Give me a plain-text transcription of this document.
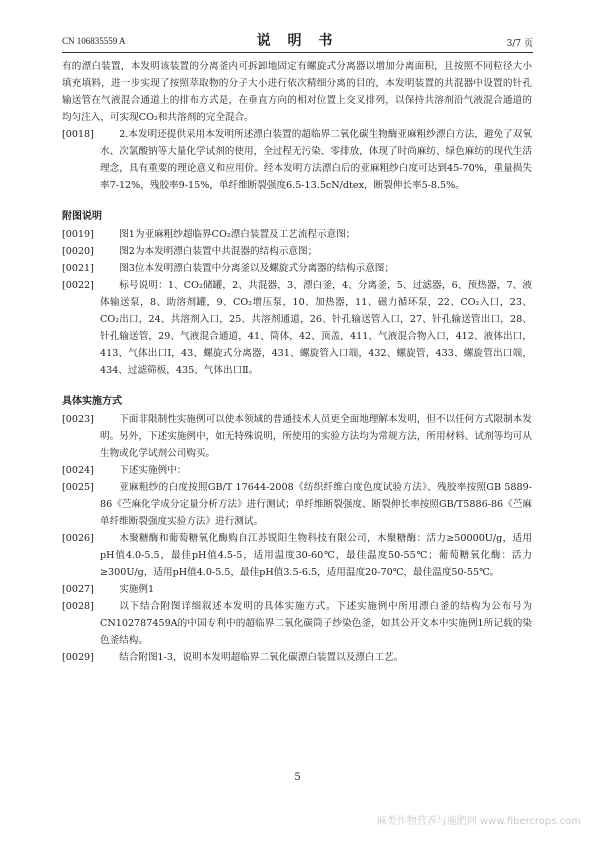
CN 106835559 A	说 明 书	3/7 页

有的漂白装置，本发明该装置的分离釜内可拆卸地固定有螺旋式分离器以增加分离面积，且按照不同粒径大小填充填料，进一步实现了按照萃取物的分子大小进行依次精细分离的目的，本发明装置的共混器中设置的针孔输送管在气液混合通道上的排布方式是，在垂直方向的相对位置上交叉排列，以保持共溶剂沿气液混合通道的均匀注入，可实现CO₂和共溶剂的完全混合。

[0018]	2.本发明还提供采用本发明所述漂白装置的超临界二氧化碳生物酶亚麻粗纱漂白方法，避免了双氧水、次氯酸钠等大量化学试剂的使用，全过程无污染、零排放，体现了时尚麻纺、绿色麻纺的现代生活理念，具有重要的理论意义和应用价。经本发明方法漂白后的亚麻粗纱白度可达到45-70%，重量损失率7-12%，残胶率9-15%，单纤维断裂强度6.5-13.5cN/dtex，断裂伸长率5-8.5%。
附图说明
[0019]	图1为亚麻粗纱超临界CO₂漂白装置及工艺流程示意图；
[0020]	图2为本发明漂白装置中共混器的结构示意图；
[0021]	图3位本发明漂白装置中分离釜以及螺旋式分离器的结构示意图；
[0022]	标号说明：1、CO₂储罐，2、共混器，3、漂白釜，4、分离釜，5、过滤器，6、预热器，7、液体输送泵，8、助溶剂罐，9、CO₂增压泵，10、加热器，11、磁力循环泵，22、CO₂入口，23、CO₂出口，24、共溶剂入口，25、共溶剂通道，26、针孔输送管入口，27、针孔输送管出口，28、针孔输送管，29、气液混合通道，41、筒体，42、顶盖，411、气液混合物入口，412、液体出口，413、气体出口Ⅰ，43、螺旋式分离器，431、螺旋管入口端，432、螺旋管，433、螺旋管出口端，434、过滤筛板，435、气体出口Ⅱ。
具体实施方式
[0023]	下面非限制性实施例可以使本领域的普通技术人员更全面地理解本发明，但不以任何方式限制本发明。另外，下述实施例中，如无特殊说明，所使用的实验方法均为常规方法，所用材料、试剂等均可从生物或化学试剂公司购买。
[0024]	下述实施例中：
[0025]	亚麻粗纱的白度按照GB/T 17644-2008《纺织纤维白度色度试验方法》、残胶率按照GB 5889-86《苎麻化学成分定量分析方法》进行测试；单纤维断裂强度、断裂伸长率按照GB/T5886-86《苎麻单纤维断裂强度实验方法》进行测试。
[0026]	木聚糖酶和葡萄糖氧化酶购自江苏锐阳生物科技有限公司，木聚糖酶：活力≥50000U/g，适用pH值4.0-5.5，最佳pH值4.5-5，适用温度30-60℃，最佳温度50-55℃；葡萄糖氧化酶：活力≥300U/g，适用pH值4.0-5.5，最佳pH值3.5-6.5，适用温度20-70℃，最佳温度50-55℃。
[0027]	实施例1
[0028]	以下结合附图详细叙述本发明的具体实施方式。下述实施例中所用漂白釜的结构为公布号为CN102787459A的中国专利中的超临界二氧化碳筒子纱染色釜，如其公开文本中实施例1所记载的染色釜结构。
[0029]	结合附图1-3，说明本发明超临界二氧化碳漂白装置以及漂白工艺。
5
麻类作物营养与施肥网 www.fibercrops.com
